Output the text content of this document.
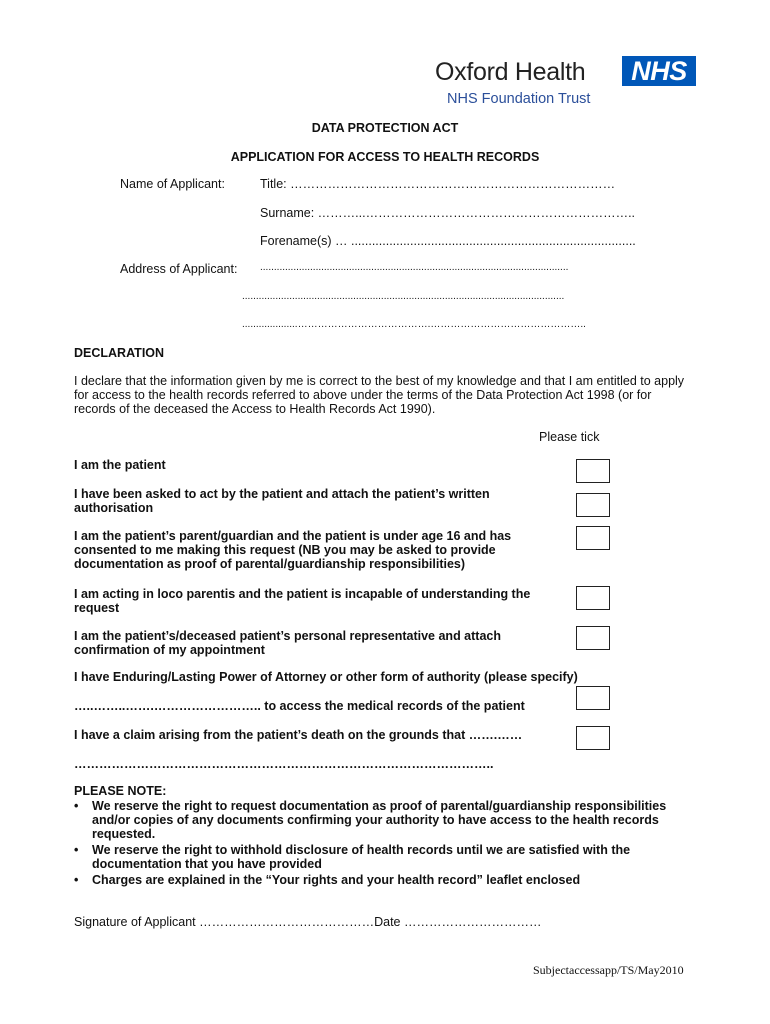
Oxford Health	NHS
NHS Foundation Trust
DATA PROTECTION ACT
APPLICATION FOR ACCESS TO HEALTH RECORDS
Name of Applicant:	Title: ……………………………………………………………………
Surname: ………...………………………………………………………..
Forename(s) … ..................................................................................
Address of Applicant: ...............................................................................................................
....................................................................................................................
....................………………………………….………………………………………..
DECLARATION
I declare that the information given by me is correct to the best of my knowledge and that I am entitled to apply for access to the health records referred to above under the terms of the Data Protection Act 1998 (or for records of the deceased the Access to Health Records Act 1990).
Please tick
I am the patient
I have been asked to act by the patient and attach the patient’s written authorisation
I am the patient’s parent/guardian and the patient is under age 16 and has consented to me making this request (NB you may be asked to provide documentation as proof of parental/guardianship responsibilities)
I am acting in loco parentis and the patient is incapable of understanding the request
I am the patient’s/deceased patient’s personal representative and attach confirmation of my appointment
I have Enduring/Lasting Power of Attorney or other form of authority (please specify)
…..……..…….…………………….. to access the medical records of the patient
I have a claim arising from the patient’s death on the grounds that …….……
………………………………………………………………………………………..
PLEASE NOTE:
•	We reserve the right to request documentation as proof of parental/guardianship responsibilities and/or copies of any documents confirming your authority to have access to the health records requested.
•	We reserve the right to withhold disclosure of health records until we are satisfied with the documentation that you have provided
•	Charges are explained in the “Your rights and your health record” leaflet enclosed
Signature of Applicant ……………………………………Date ……………………………
Subjectaccessapp/TS/May2010
